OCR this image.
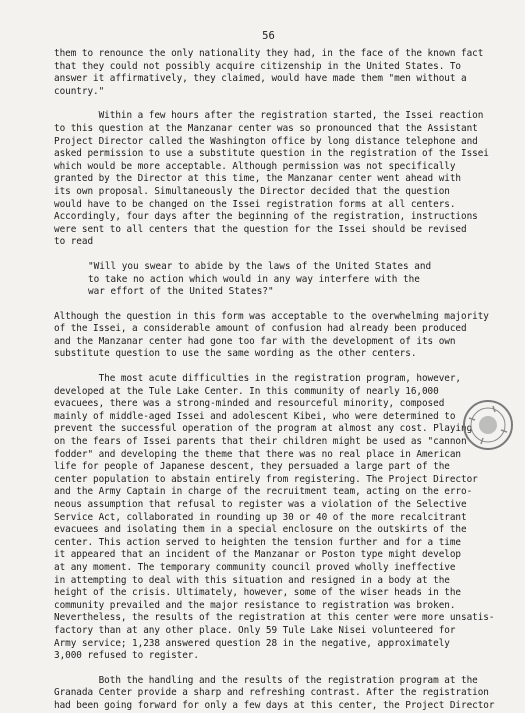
56
them to renounce the only nationality they had, in the face of the known fact
that they could not possibly acquire citizenship in the United States. To
answer it affirmatively, they claimed, would have made them "men without a
country."
Within a few hours after the registration started, the Issei reaction
to this question at the Manzanar center was so pronounced that the Assistant
Project Director called the Washington office by long distance telephone and
asked permission to use a substitute question in the registration of the Issei
which would be more acceptable. Although permission was not specifically
granted by the Director at this time, the Manzanar center went ahead with
its own proposal. Simultaneously the Director decided that the question
would have to be changed on the Issei registration forms at all centers.
Accordingly, four days after the beginning of the registration, instructions
were sent to all centers that the question for the Issei should be revised
to read
"Will you swear to abide by the laws of the United States and
to take no action which would in any way interfere with the
war effort of the United States?"
Although the question in this form was acceptable to the overwhelming majority
of the Issei, a considerable amount of confusion had already been produced
and the Manzanar center had gone too far with the development of its own
substitute question to use the same wording as the other centers.
The most acute difficulties in the registration program, however,
developed at the Tule Lake Center. In this community of nearly 16,000
evacuees, there was a strong-minded and resourceful minority, composed
mainly of middle-aged Issei and adolescent Kibei, who were determined to
prevent the successful operation of the program at almost any cost. Playing
on the fears of Issei parents that their children might be used as "cannon
fodder" and developing the theme that there was no real place in American
life for people of Japanese descent, they persuaded a large part of the
center population to abstain entirely from registering. The Project Director
and the Army Captain in charge of the recruitment team, acting on the erro-
neous assumption that refusal to register was a violation of the Selective
Service Act, collaborated in rounding up 30 or 40 of the more recalcitrant
evacuees and isolating them in a special enclosure on the outskirts of the
center. This action served to heighten the tension further and for a time
it appeared that an incident of the Manzanar or Poston type might develop
at any moment. The temporary community council proved wholly ineffective
in attempting to deal with this situation and resigned in a body at the
height of the crisis. Ultimately, however, some of the wiser heads in the
community prevailed and the major resistance to registration was broken.
Nevertheless, the results of the registration at this center were more unsatis-
factory than at any other place. Only 59 Tule Lake Nisei volunteered for
Army service; 1,238 answered question 28 in the negative, approximately
3,000 refused to register.
Both the handling and the results of the registration program at the
Granada Center provide a sharp and refreshing contrast. After the registration
had been going forward for only a few days at this center, the Project Director
